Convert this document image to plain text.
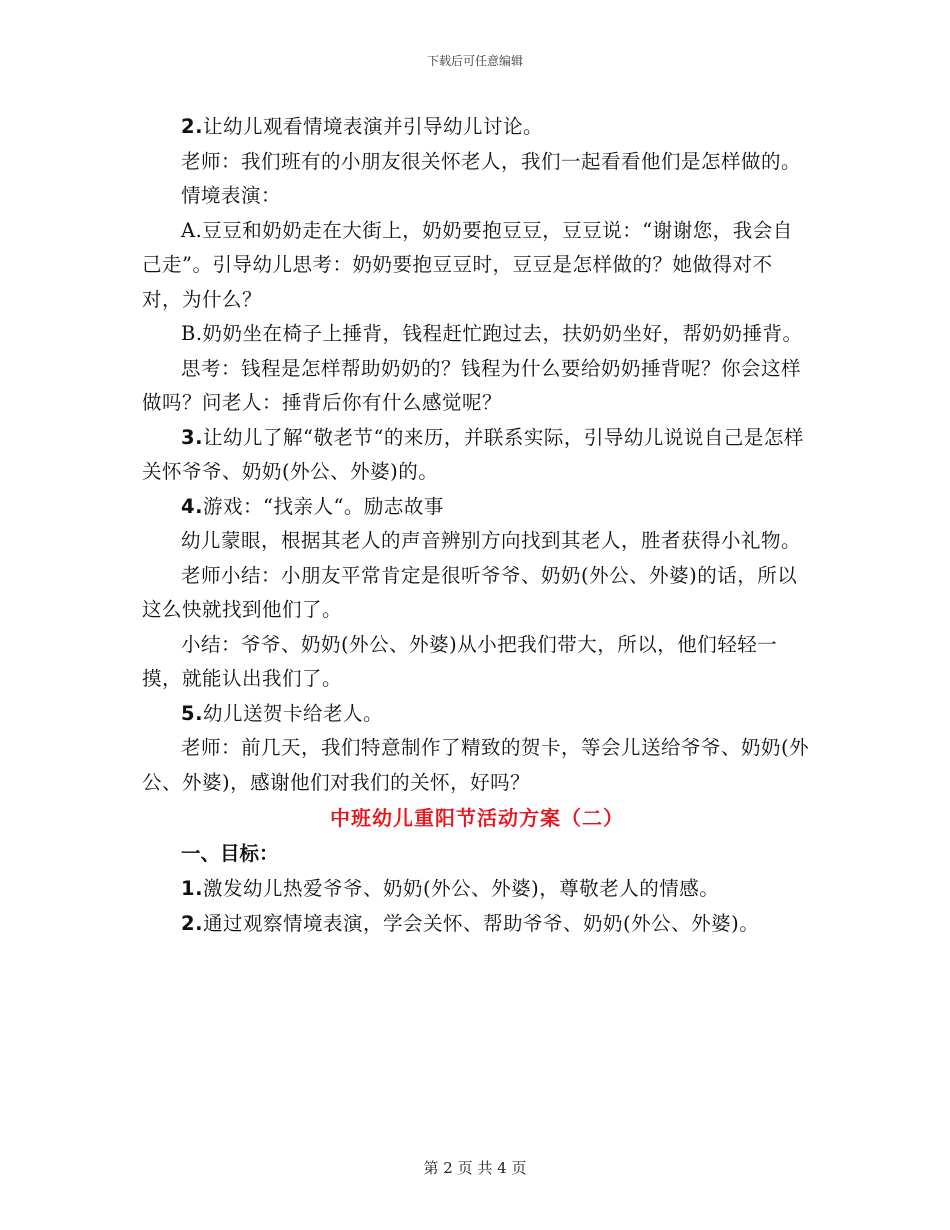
下载后可任意编辑

2.让幼儿观看情境表演并引导幼儿讨论。

老师：我们班有的小朋友很关怀老人，我们一起看看他们是怎样做的。

情境表演：

A.豆豆和奶奶走在大街上，奶奶要抱豆豆，豆豆说：“谢谢您，我会自己走”。引导幼儿思考：奶奶要抱豆豆时，豆豆是怎样做的？她做得对不对，为什么？

B.奶奶坐在椅子上捶背，钱程赶忙跑过去，扶奶奶坐好，帮奶奶捶背。

思考：钱程是怎样帮助奶奶的？钱程为什么要给奶奶捶背呢？你会这样做吗？问老人：捶背后你有什么感觉呢？

3.让幼儿了解“敬老节“的来历，并联系实际，引导幼儿说说自己是怎样关怀爷爷、奶奶(外公、外婆)的。

4.游戏：“找亲人“。励志故事

幼儿蒙眼，根据其老人的声音辨别方向找到其老人，胜者获得小礼物。

老师小结：小朋友平常肯定是很听爷爷、奶奶(外公、外婆)的话，所以这么快就找到他们了。

小结：爷爷、奶奶(外公、外婆)从小把我们带大，所以，他们轻轻一摸，就能认出我们了。

5.幼儿送贺卡给老人。

老师：前几天，我们特意制作了精致的贺卡，等会儿送给爷爷、奶奶(外公、外婆)，感谢他们对我们的关怀，好吗？

中班幼儿重阳节活动方案（二）

一、目标：

1.激发幼儿热爱爷爷、奶奶(外公、外婆)，尊敬老人的情感。

2.通过观察情境表演，学会关怀、帮助爷爷、奶奶(外公、外婆)。

第 2 页 共 4 页
